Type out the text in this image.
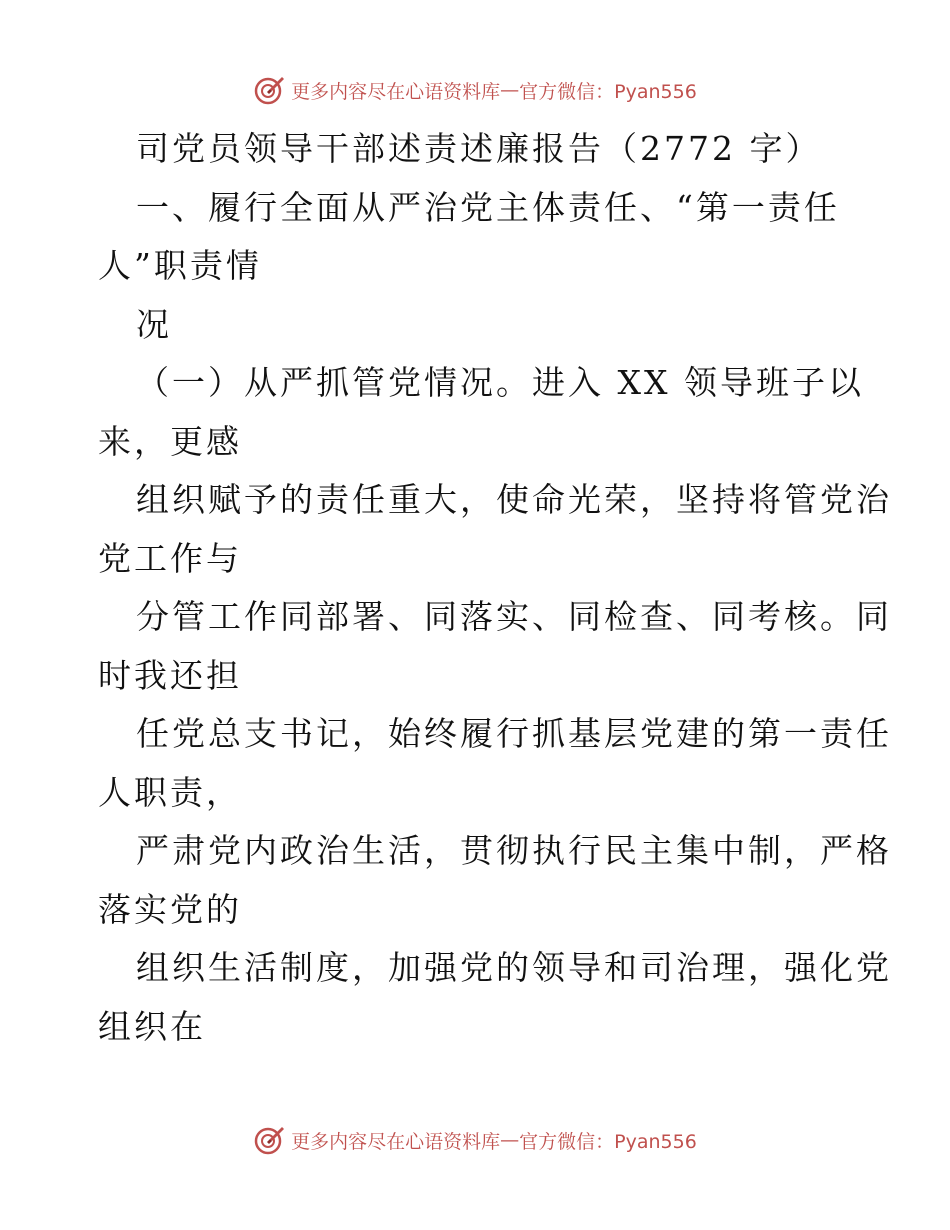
更多内容尽在心语资料库 — 官方微信：Pyan556
司党员领导干部述责述廉报告（2772 字）
一、履行全面从严治党主体责任、“第一责任
人”职责情
况
（一）从严抓管党情况。进入 XX 领导班子以
来，更感
组织赋予的责任重大，使命光荣，坚持将管党治
党工作与
分管工作同部署、同落实、同检查、同考核。同
时我还担
任党总支书记，始终履行抓基层党建的第一责任
人职责，
严肃党内政治生活，贯彻执行民主集中制，严格
落实党的
组织生活制度，加强党的领导和司治理，强化党
组织在
更多内容尽在心语资料库 — 官方微信：Pyan556
